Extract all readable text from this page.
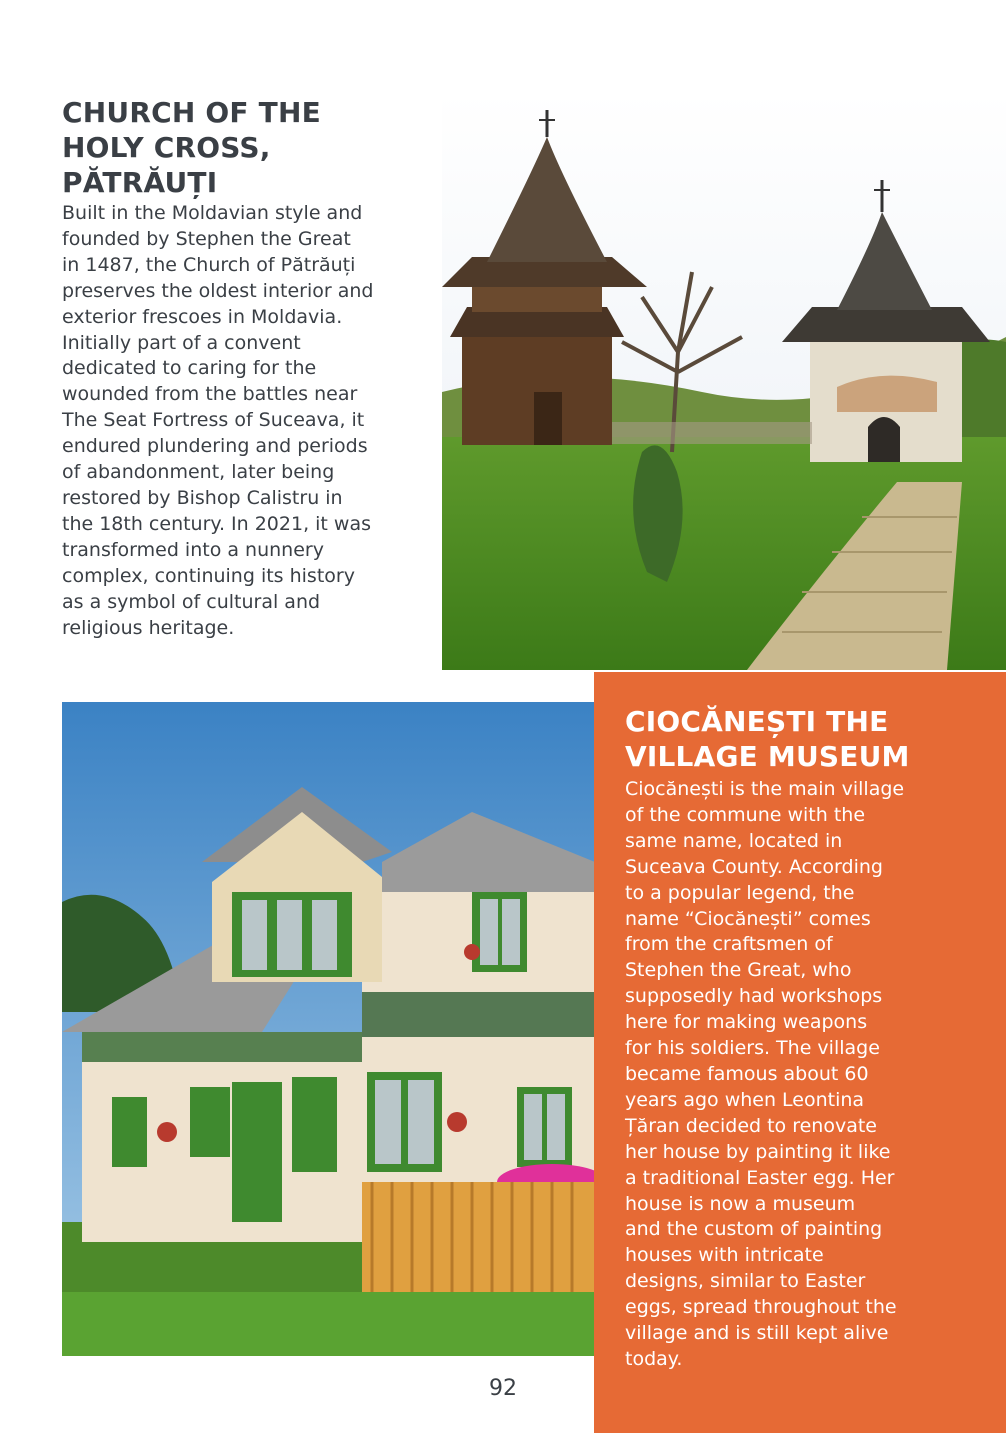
CHURCH OF THE
HOLY CROSS,
PĂTRĂUȚI
Built in the Moldavian style and
founded by Stephen the Great
in 1487, the Church of Pătrăuți
preserves the oldest interior and
exterior frescoes in Moldavia.
Initially part of a convent
dedicated to caring for the
wounded from the battles near
The Seat Fortress of Suceava, it
endured plundering and periods
of abandonment, later being
restored by Bishop Calistru in
the 18th century. In 2021, it was
transformed into a nunnery
complex, continuing its history
as a symbol of cultural and
religious heritage.
CIOCĂNEȘTI THE
VILLAGE MUSEUM
Ciocănești is the main village
of the commune with the
same name, located in
Suceava County. According
to a popular legend, the
name “Ciocănești” comes
from the craftsmen of
Stephen the Great, who
supposedly had workshops
here for making weapons
for his soldiers. The village
became famous about 60
years ago when Leontina
Țăran decided to renovate
her house by painting it like
a traditional Easter egg. Her
house is now a museum
and the custom of painting
houses with intricate
designs, similar to Easter
eggs, spread throughout the
village and is still kept alive
today.
92
